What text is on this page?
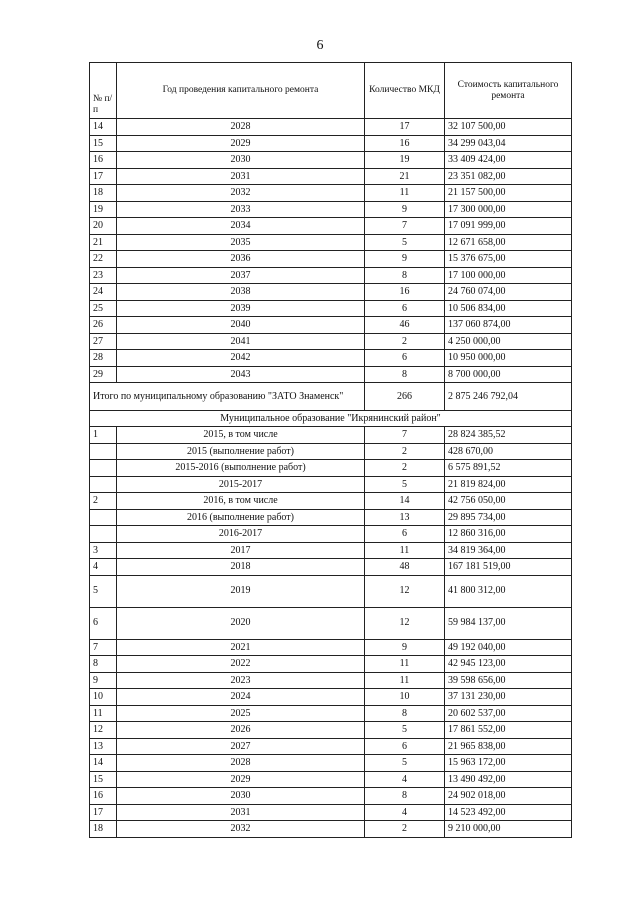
6
№ п/п	Год проведения капитального ремонта	Количество МКД	Стоимость капитального ремонта
14	2028	17	32 107 500,00
15	2029	16	34 299 043,04
16	2030	19	33 409 424,00
17	2031	21	23 351 082,00
18	2032	11	21 157 500,00
19	2033	9	17 300 000,00
20	2034	7	17 091 999,00
21	2035	5	12 671 658,00
22	2036	9	15 376 675,00
23	2037	8	17 100 000,00
24	2038	16	24 760 074,00
25	2039	6	10 506 834,00
26	2040	46	137 060 874,00
27	2041	2	4 250 000,00
28	2042	6	10 950 000,00
29	2043	8	8 700 000,00
Итого по муниципальному образованию "ЗАТО Знаменск"		266	2 875 246 792,04
Муниципальное образование "Икрянинский район"			
1	2015, в том числе	7	28 824 385,52
	2015 (выполнение работ)	2	428 670,00
	2015-2016 (выполнение работ)	2	6 575 891,52
	2015-2017	5	21 819 824,00
2	2016, в том числе	14	42 756 050,00
	2016 (выполнение работ)	13	29 895 734,00
	2016-2017	6	12 860 316,00
3	2017	11	34 819 364,00
4	2018	48	167 181 519,00
5	2019	12	41 800 312,00
6	2020	12	59 984 137,00
7	2021	9	49 192 040,00
8	2022	11	42 945 123,00
9	2023	11	39 598 656,00
10	2024	10	37 131 230,00
11	2025	8	20 602 537,00
12	2026	5	17 861 552,00
13	2027	6	21 965 838,00
14	2028	5	15 963 172,00
15	2029	4	13 490 492,00
16	2030	8	24 902 018,00
17	2031	4	14 523 492,00
18	2032	2	9 210 000,00
